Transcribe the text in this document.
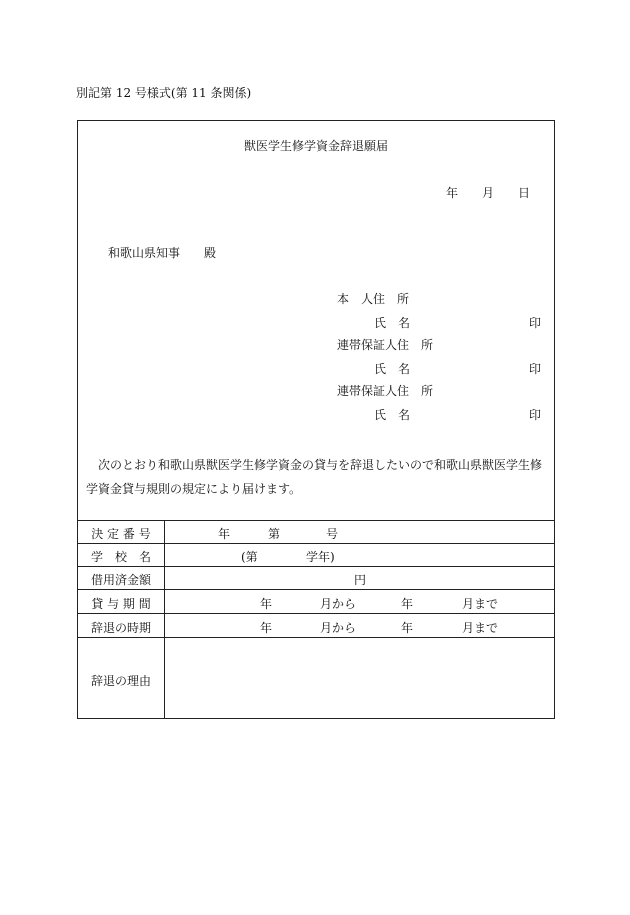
別記第 12 号様式(第 11 条関係)
獣医学生修学資金辞退願届
年 月 日
和歌山県知事　　殿
本　人住　所
氏　名	印
連帯保証人住　所
氏　名	印
連帯保証人住　所
氏　名	印
次のとおり和歌山県獣医学生修学資金の貸与を辞退したいので和歌山県獣医学生修学資金貸与規則の規定により届けます。
決 定 番 号	年	第	号
学　校　名	(第	学年)
借用済金額	円
貸 与 期 間	年	月から	年	月まで
辞退の時期	年	月から	年	月まで
辞退の理由
